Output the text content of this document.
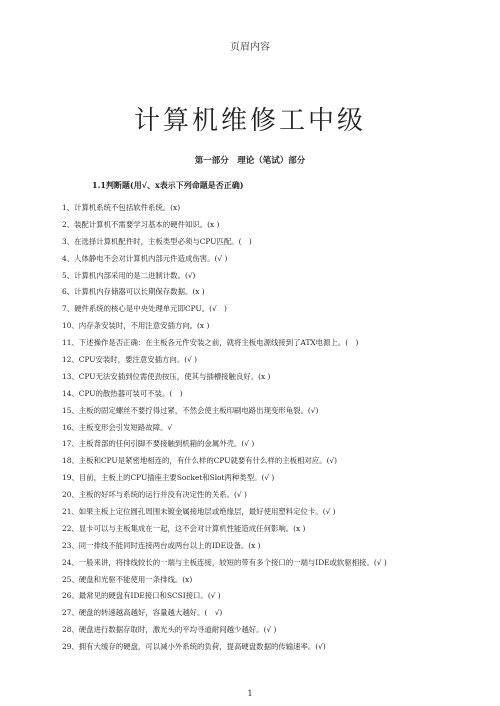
页眉内容
计算机维修工中级
第一部分　理论（笔试）部分
1.1判断题(用√、x表示下列命题是否正确)
1、计算机系统不包括软件系统。(x)
2、装配计算机不需要学习基本的硬件知识。(x )
3、在选择计算机配件时，主板类型必须与CPU匹配。(　)
4、人体静电不会对计算机内部元件造成伤害。(√ )
5、计算机内部采用的是二进制计数。(√)
6、计算机内存储器可以长期保存数据。(x )
7、硬件系统的核心是中央处理单元即CPU。(√　)
10、内存条安装时，不用注意安插方向。(x )
11、下述操作是否正确：在主板各元件安装之前，就将主板电源线接到了ATX电源上。(　)
12、CPU安装时，要注意安插方向。(√ )
13、CPU无法安插到位需使劲按压，使其与插槽接触良好。(x )
14、CPU的散热器可装可不装。(　)
15、主板的固定螺丝不要拧得过紧，不然会使主板印刷电路出现变形龟裂。(√)
16、主板变形会引发短路故障。√
17、主板背部的任何引脚不要接触到机箱的金属外壳。(√ )
18、主板和CPU是紧密地相连的，有什么样的CPU就要有什么样的主板相对应。(√)
19、目前，主板上的CPU插座主要Socket和Slot两种类型。(√ )
20、主板的好坏与系统的运行并没有决定性的关系。(√ )
21、如果主板上定位圆孔周围未镀金属接地层或绝缘层，最好使用塑料定位卡。(√ )
22、显卡可以与主板集成在一起，这不会对计算机性能造成任何影响。(x )
23、同一排线不能同时连接两台或两台以上的IDE设备。(x )
24、一般来讲，将排线较长的一端与主板连接，较短的带有多个接口的一端与IDE或软驱相接。(√ )
25、硬盘和光驱不能使用一条排线。(x)
26、最常见的硬盘有IDE接口和SCSI接口。(√ )
27、硬盘的转速越高越好，容量越大越好。(　√)
28、硬盘进行数据存取时，激光头的平均寻道耐间越少越好。(√ )
29、拥有大缓存的硬盘，可以减小外系统的负荷，提高硬盘数据的传输速率。(√)
1
